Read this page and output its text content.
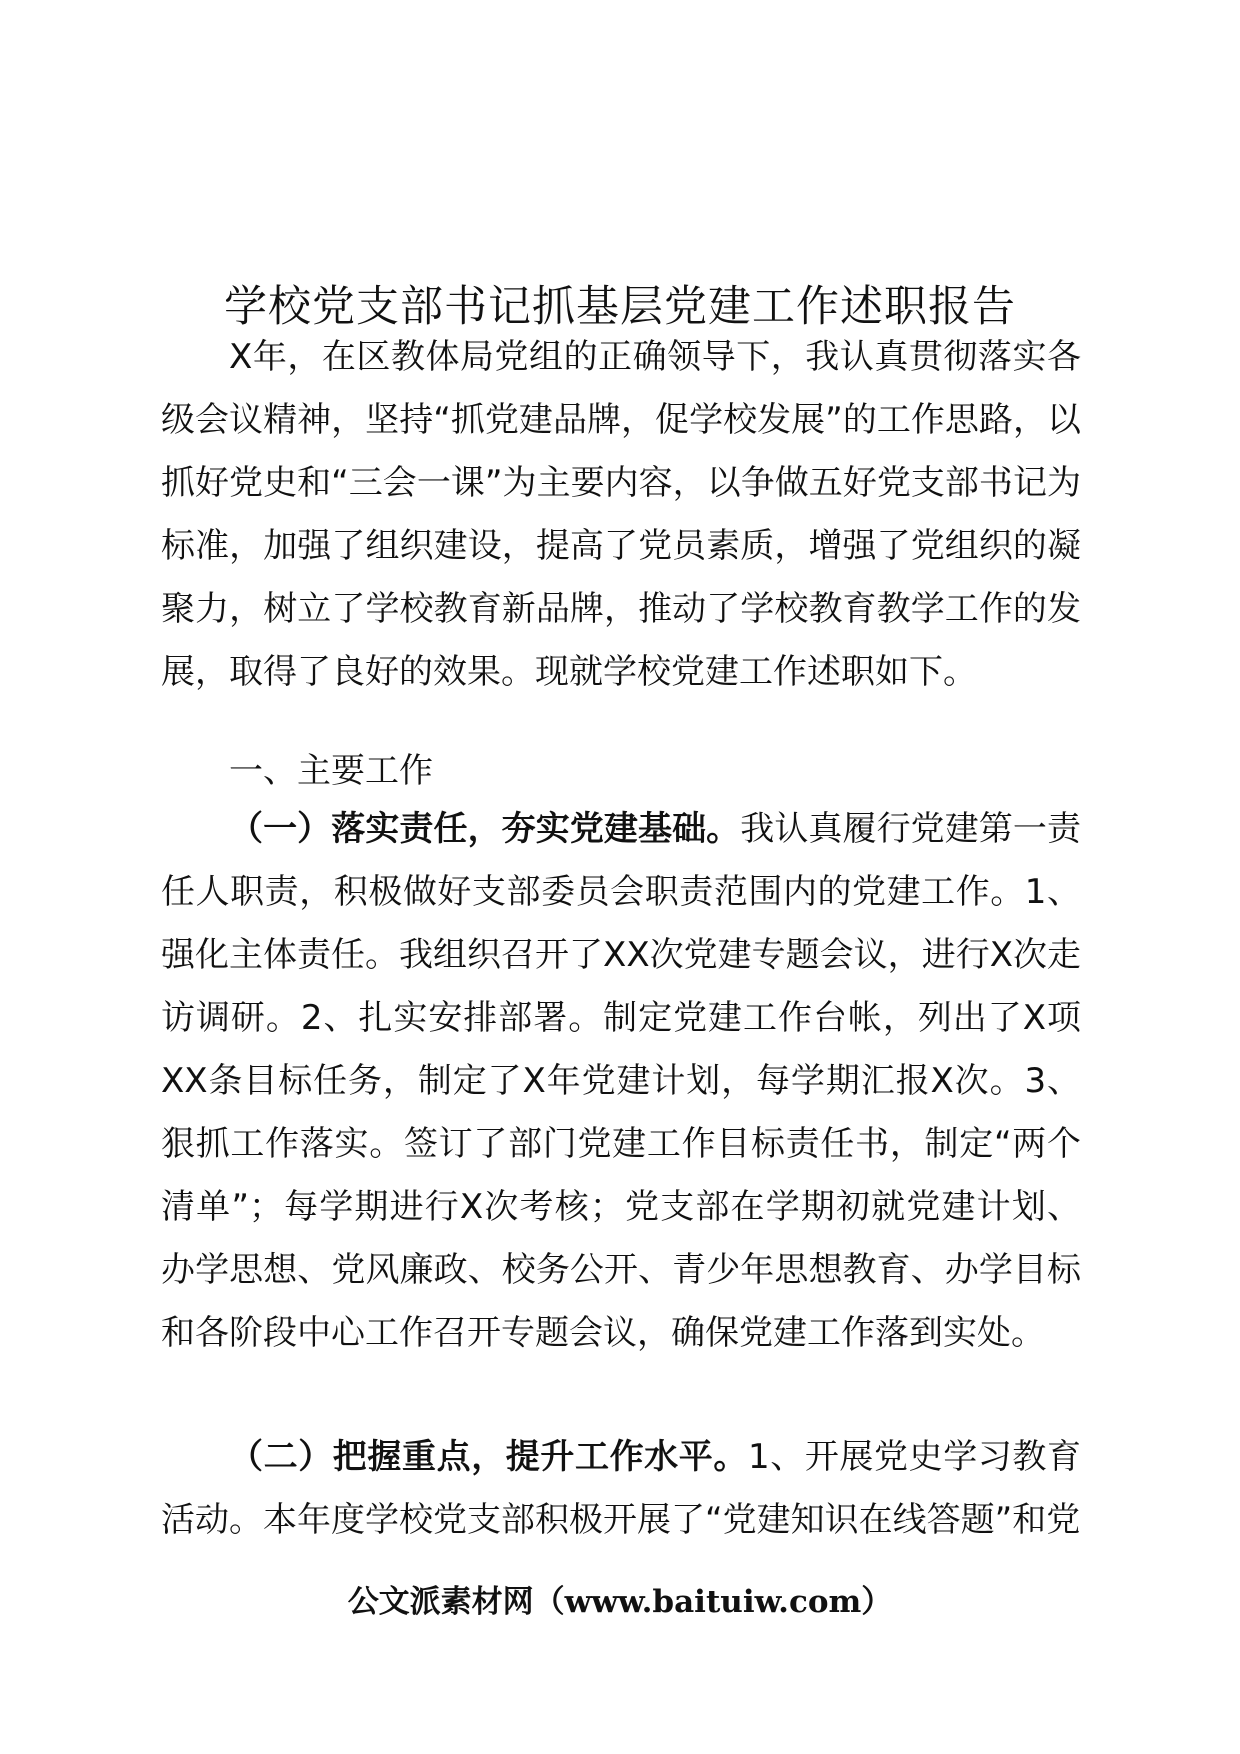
学校党支部书记抓基层党建工作述职报告

X年，在区教体局党组的正确领导下，我认真贯彻落实各级会议精神，坚持“抓党建品牌，促学校发展”的工作思路，以抓好党史和“三会一课”为主要内容，以争做五好党支部书记为标准，加强了组织建设，提高了党员素质，增强了党组织的凝聚力，树立了学校教育新品牌，推动了学校教育教学工作的发展，取得了良好的效果。现就学校党建工作述职如下。

一、主要工作

（一）落实责任，夯实党建基础。我认真履行党建第一责任人职责，积极做好支部委员会职责范围内的党建工作。1、强化主体责任。我组织召开了XX次党建专题会议，进行X次走访调研。2、扎实安排部署。制定党建工作台帐，列出了X项XX条目标任务，制定了X年党建计划，每学期汇报X次。3、狠抓工作落实。签订了部门党建工作目标责任书，制定“两个清单”；每学期进行X次考核；党支部在学期初就党建计划、办学思想、党风廉政、校务公开、青少年思想教育、办学目标和各阶段中心工作召开专题会议，确保党建工作落到实处。

（二）把握重点，提升工作水平。1、开展党史学习教育活动。本年度学校党支部积极开展了“党建知识在线答题”和党

公文派素材网（www.baituiw.com）
